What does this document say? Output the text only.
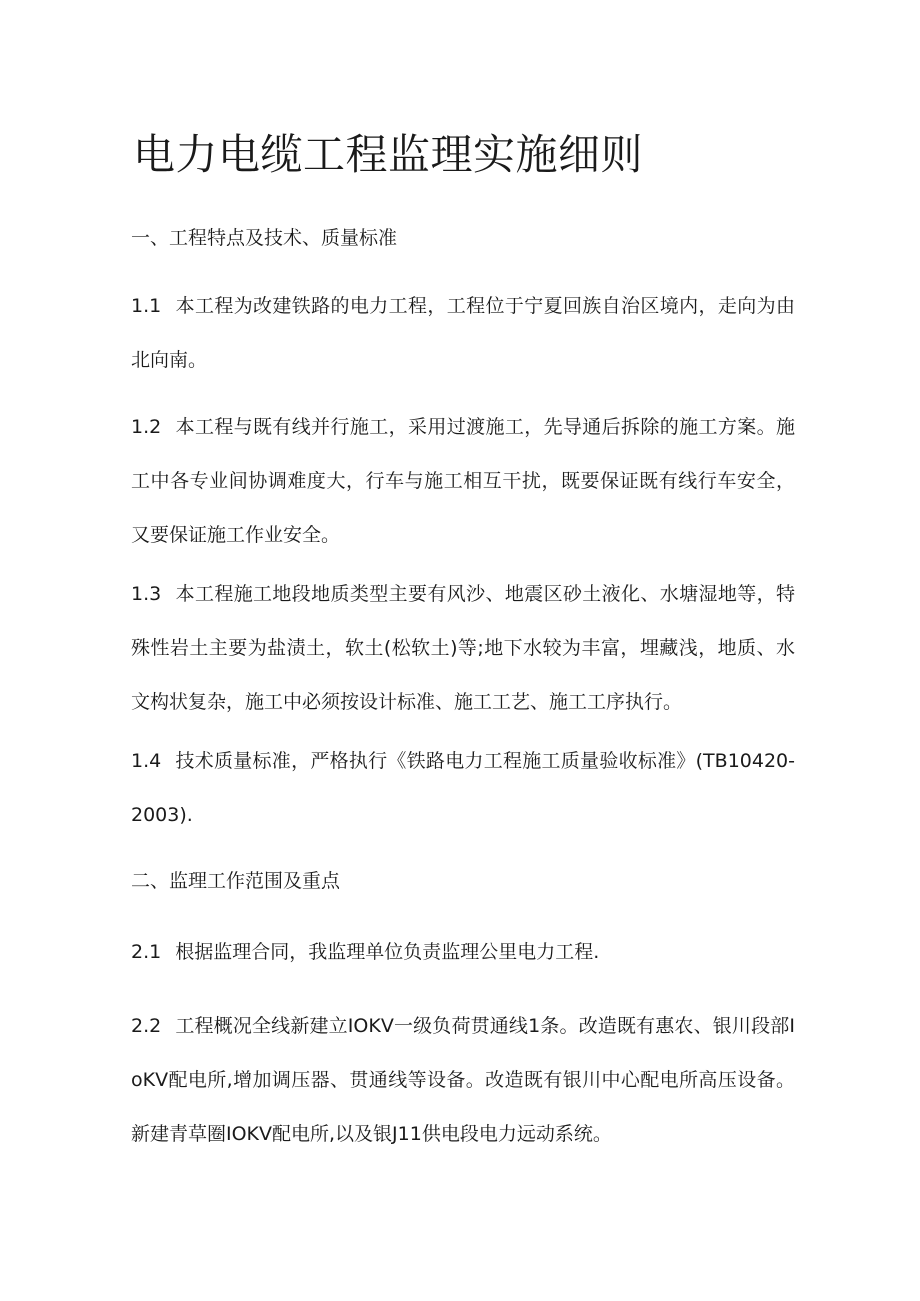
电力电缆工程监理实施细则
一、工程特点及技术、质量标准

1.1 本工程为改建铁路的电力工程，工程位于宁夏回族自治区境内，走向为由北向南。

1.2 本工程与既有线并行施工，采用过渡施工，先导通后拆除的施工方案。施工中各专业间协调难度大，行车与施工相互干扰，既要保证既有线行车安全，又要保证施工作业安全。

1.3 本工程施工地段地质类型主要有风沙、地震区砂土液化、水塘湿地等，特殊性岩土主要为盐渍土，软土(松软土)等;地下水较为丰富，埋藏浅，地质、水文构状复杂，施工中必须按设计标准、施工工艺、施工工序执行。

1.4 技术质量标准，严格执行《铁路电力工程施工质量验收标准》(TB10420-2003).

二、监理工作范围及重点

2.1 根据监理合同，我监理单位负责监理公里电力工程.

2.2 工程概况全线新建立IOKV一级负荷贯通线1条。改造既有惠农、银川段部IoKV配电所,增加调压器、贯通线等设备。改造既有银川中心配电所高压设备。新建青草圈IOKV配电所,以及银J11供电段电力远动系统。
